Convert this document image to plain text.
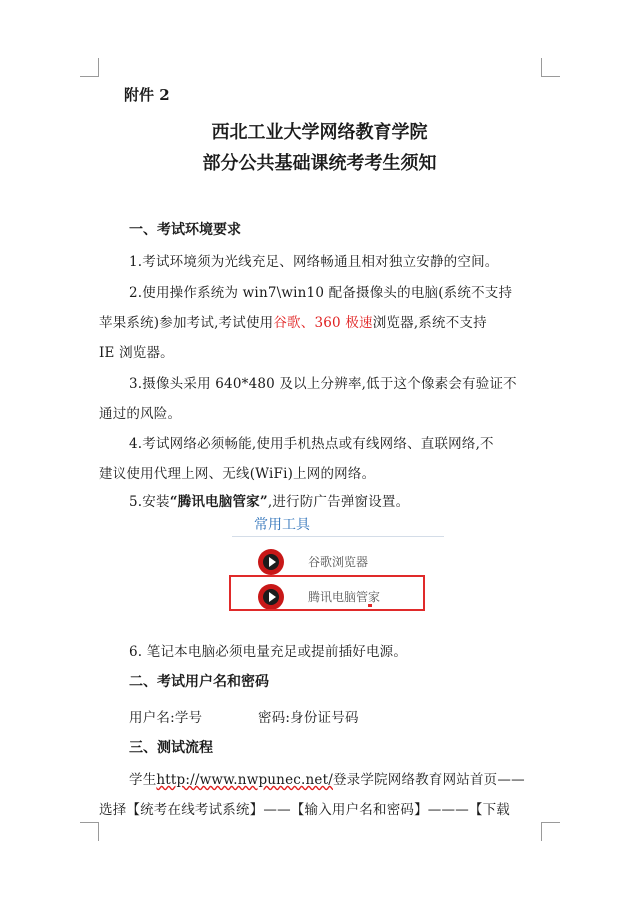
附件 2
西北工业大学网络教育学院
部分公共基础课统考考生须知
一、考试环境要求
1.考试环境须为光线充足、网络畅通且相对独立安静的空间。
2.使用操作系统为 win7\win10 配备摄像头的电脑(系统不支持
苹果系统)参加考试,考试使用谷歌、360 极速浏览器,系统不支持
IE 浏览器。
3.摄像头采用 640*480 及以上分辨率,低于这个像素会有验证不
通过的风险。
4.考试网络必须畅能,使用手机热点或有线网络、直联网络,不
建议使用代理上网、无线(WiFi)上网的网络。
5.安装“腾讯电脑管家”,进行防广告弹窗设置。
常用工具
谷歌浏览器
腾讯电脑管家
6. 笔记本电脑必须电量充足或提前插好电源。
二、考试用户名和密码
用户名:学号	密码:身份证号码
三、测试流程
学生http://www.nwpunec.net/登录学院网络教育网站首页——
选择【统考在线考试系统】——【输入用户名和密码】———【下载
